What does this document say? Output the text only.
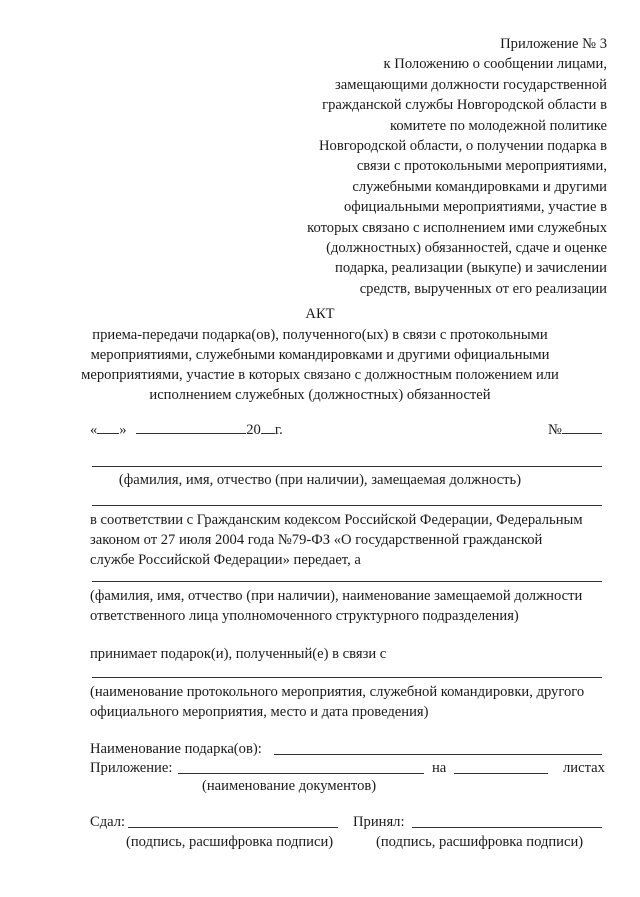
Приложение № 3
к Положению о сообщении лицами,
замещающими должности государственной
гражданской службы Новгородской области в
комитете по молодежной политике
Новгородской области, о получении подарка в
связи с протокольными мероприятиями,
служебными командировками и другими
официальными мероприятиями, участие в
которых связано с исполнением ими служебных
(должностных) обязанностей, сдаче и оценке
подарка, реализации (выкупе) и зачислении
средств, вырученных от его реализации
АКТ
приема-передачи подарка(ов), полученного(ых) в связи с протокольными
мероприятиями, служебными командировками и другими официальными
мероприятиями, участие в которых связано с должностным положением или
исполнением служебных (должностных) обязанностей
« »	20 г.	№
(фамилия, имя, отчество (при наличии), замещаемая должность)
в соответствии с Гражданским кодексом Российской Федерации, Федеральным
законом от 27 июля 2004 года №79-ФЗ «О государственной гражданской
службе Российской Федерации» передает, а
(фамилия, имя, отчество (при наличии), наименование замещаемой должности
ответственного лица уполномоченного структурного подразделения)
принимает подарок(и), полученный(е) в связи с
(наименование протокольного мероприятия, служебной командировки, другого
официального мероприятия, место и дата проведения)
Наименование подарка(ов):
Приложение:	на	листах
(наименование документов)
Сдал:	Принял:
(подпись, расшифровка подписи)	(подпись, расшифровка подписи)
